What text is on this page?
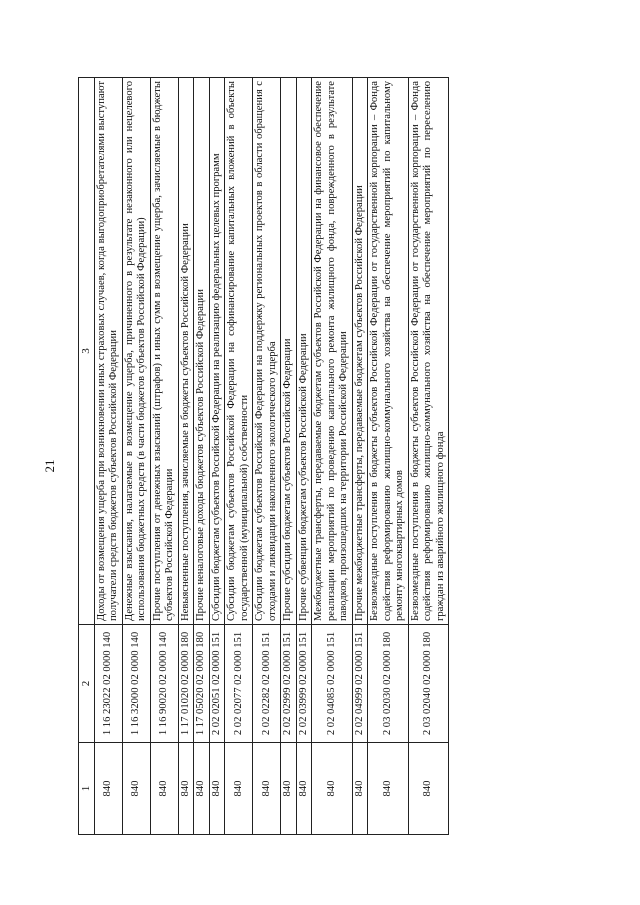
21
1	2	3
840	1 16 23022 02 0000 140	Доходы от возмещения ущерба при возникновении иных страховых случаев, когда выгодоприобретателями выступают получатели средств бюджетов субъектов Российской Федерации
840	1 16 32000 02 0000 140	Денежные взыскания, налагаемые в возмещение ущерба, причиненного в результате незаконного или нецелевого использования бюджетных средств (в части бюджетов субъектов Российской Федерации)
840	1 16 90020 02 0000 140	Прочие поступления от денежных взысканий (штрафов) и иных сумм в возмещение ущерба, зачисляемые в бюджеты субъектов Российской Федерации
840	1 17 01020 02 0000 180	Невыясненные поступления, зачисляемые в бюджеты субъектов Российской Федерации
840	1 17 05020 02 0000 180	Прочие неналоговые доходы бюджетов субъектов Российской Федерации
840	2 02 02051 02 0000 151	Субсидии бюджетам субъектов Российской Федерации на реализацию федеральных целевых программ
840	2 02 02077 02 0000 151	Субсидии бюджетам субъектов Российской Федерации на софинансирование капитальных вложений в объекты государственной (муниципальной) собственности
840	2 02 02282 02 0000 151	Субсидии бюджетам субъектов Российской Федерации на поддержку региональных проектов в области обращения с отходами и ликвидации накопленного экологического ущерба
840	2 02 02999 02 0000 151	Прочие субсидии бюджетам субъектов Российской Федерации
840	2 02 03999 02 0000 151	Прочие субвенции бюджетам субъектов Российской Федерации
840	2 02 04085 02 0000 151	Межбюджетные трансферты, передаваемые бюджетам субъектов Российской Федерации на финансовое обеспечение реализации мероприятий по проведению капитального ремонта жилищного фонда, поврежденного в результате паводков, произошедших на территории Российской Федерации
840	2 02 04999 02 0000 151	Прочие межбюджетные трансферты, передаваемые бюджетам субъектов Российской Федерации
840	2 03 02030 02 0000 180	Безвозмездные поступления в бюджеты субъектов Российской Федерации от государственной корпорации – Фонда содействия реформированию жилищно-коммунального хозяйства на обеспечение мероприятий по капитальному ремонту многоквартирных домов
840	2 03 02040 02 0000 180	Безвозмездные поступления в бюджеты субъектов Российской Федерации от государственной корпорации – Фонда содействия реформированию жилищно-коммунального хозяйства на обеспечение мероприятий по переселению граждан из аварийного жилищного фонда
